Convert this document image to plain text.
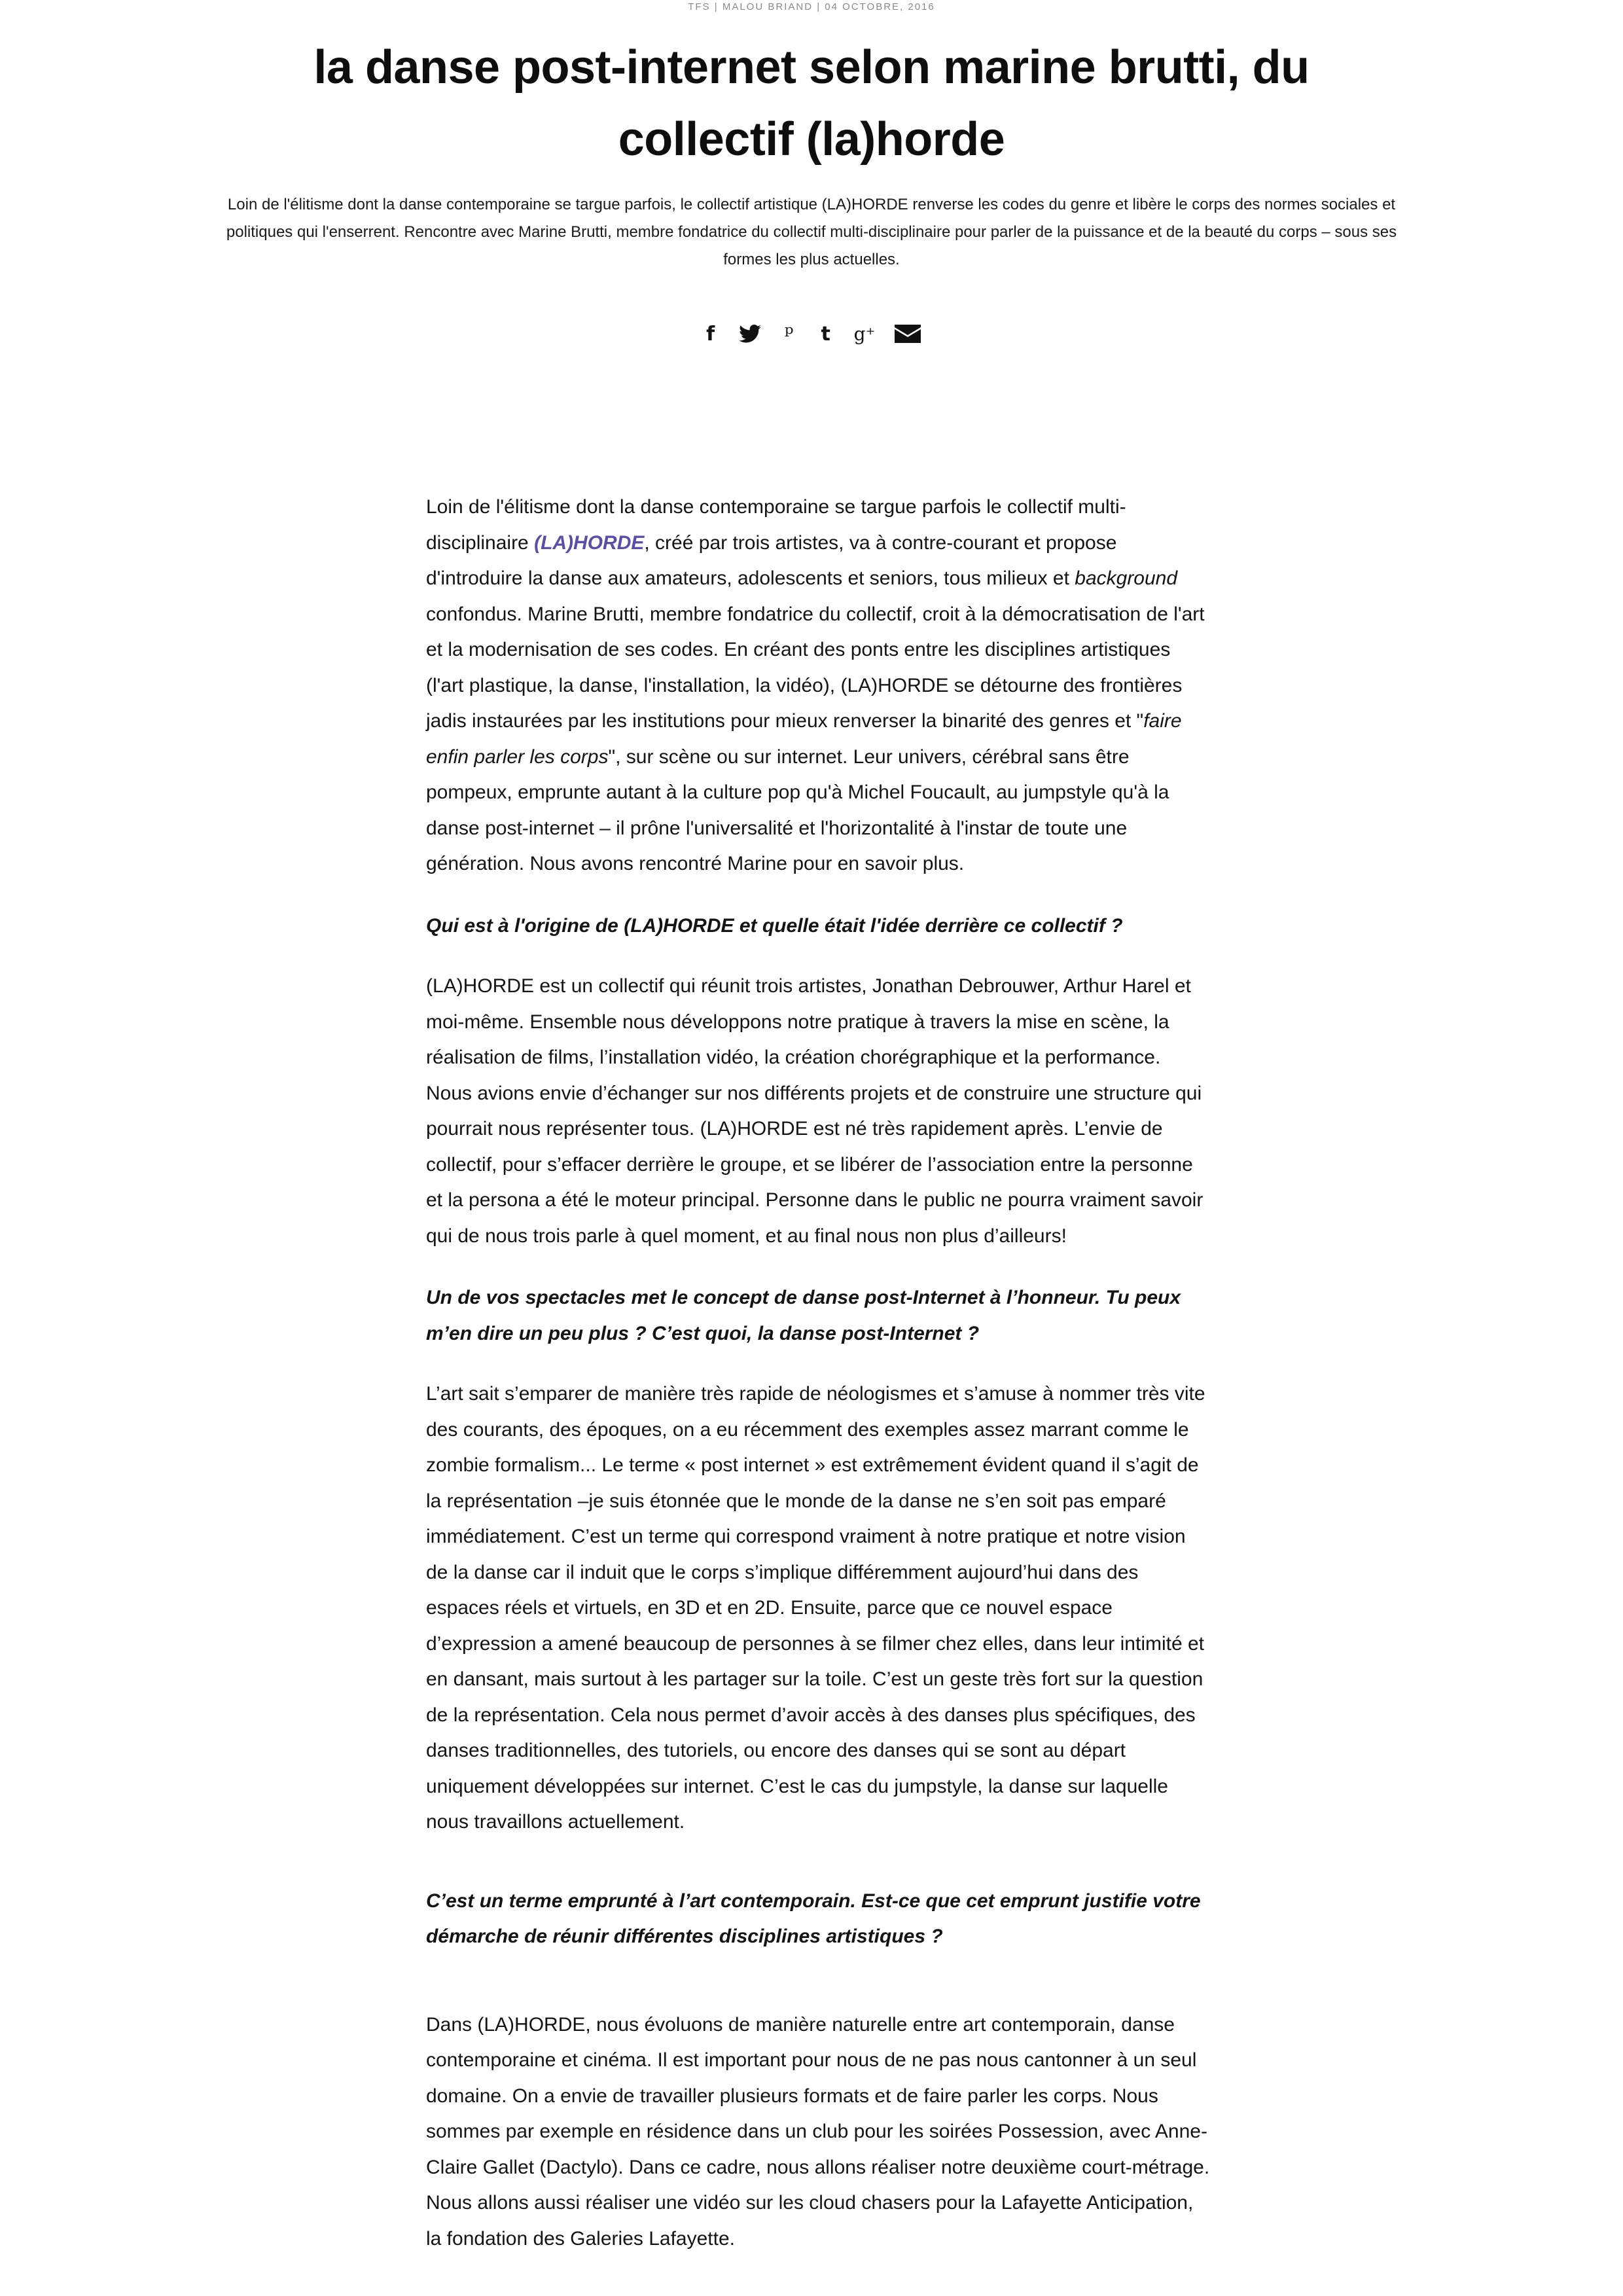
TFS | MALOU BRIAND | 04 OCTOBRE, 2016
la danse post-internet selon marine brutti, du collectif (la)horde

Loin de l'élitisme dont la danse contemporaine se targue parfois, le collectif artistique (LA)HORDE renverse les codes du genre et libère le corps des normes sociales et politiques qui l'enserrent. Rencontre avec Marine Brutti, membre fondatrice du collectif multi-disciplinaire pour parler de la puissance et de la beauté du corps – sous ses formes les plus actuelles.

f	ᵖ t g⁺

Loin de l'élitisme dont la danse contemporaine se targue parfois le collectif multi-disciplinaire (LA)HORDE, créé par trois artistes, va à contre-courant et propose d'introduire la danse aux amateurs, adolescents et seniors, tous milieux et background confondus. Marine Brutti, membre fondatrice du collectif, croit à la démocratisation de l'art et la modernisation de ses codes. En créant des ponts entre les disciplines artistiques (l'art plastique, la danse, l'installation, la vidéo), (LA)HORDE se détourne des frontières jadis instaurées par les institutions pour mieux renverser la binarité des genres et "faire enfin parler les corps", sur scène ou sur internet. Leur univers, cérébral sans être pompeux, emprunte autant à la culture pop qu'à Michel Foucault, au jumpstyle qu'à la danse post-internet – il prône l'universalité et l'horizontalité à l'instar de toute une génération. Nous avons rencontré Marine pour en savoir plus.

Qui est à l'origine de (LA)HORDE et quelle était l'idée derrière ce collectif ?

(LA)HORDE est un collectif qui réunit trois artistes, Jonathan Debrouwer, Arthur Harel et moi-même. Ensemble nous développons notre pratique à travers la mise en scène, la réalisation de films, l’installation vidéo, la création chorégraphique et la performance. Nous avions envie d’échanger sur nos différents projets et de construire une structure qui pourrait nous représenter tous. (LA)HORDE est né très rapidement après. L’envie de collectif, pour s’effacer derrière le groupe, et se libérer de l’association entre la personne et la persona a été le moteur principal. Personne dans le public ne pourra vraiment savoir qui de nous trois parle à quel moment, et au final nous non plus d’ailleurs!

Un de vos spectacles met le concept de danse post-Internet à l’honneur. Tu peux m’en dire un peu plus ? C’est quoi, la danse post-Internet ?

L’art sait s’emparer de manière très rapide de néologismes et s’amuse à nommer très vite des courants, des époques, on a eu récemment des exemples assez marrant comme le zombie formalism... Le terme « post internet » est extrêmement évident quand il s’agit de la représentation –je suis étonnée que le monde de la danse ne s’en soit pas emparé immédiatement. C’est un terme qui correspond vraiment à notre pratique et notre vision de la danse car il induit que le corps s’implique différemment aujourd’hui dans des espaces réels et virtuels, en 3D et en 2D. Ensuite, parce que ce nouvel espace d’expression a amené beaucoup de personnes à se filmer chez elles, dans leur intimité et en dansant, mais surtout à les partager sur la toile. C’est un geste très fort sur la question de la représentation. Cela nous permet d’avoir accès à des danses plus spécifiques, des danses traditionnelles, des tutoriels, ou encore des danses qui se sont au départ uniquement développées sur internet. C’est le cas du jumpstyle, la danse sur laquelle nous travaillons actuellement.

C’est un terme emprunté à l’art contemporain. Est-ce que cet emprunt justifie votre démarche de réunir différentes disciplines artistiques ?

Dans (LA)HORDE, nous évoluons de manière naturelle entre art contemporain, danse contemporaine et cinéma. Il est important pour nous de ne pas nous cantonner à un seul domaine. On a envie de travailler plusieurs formats et de faire parler les corps. Nous sommes par exemple en résidence dans un club pour les soirées Possession, avec Anne-Claire Gallet (Dactylo). Dans ce cadre, nous allons réaliser notre deuxième court-métrage. Nous allons aussi réaliser une vidéo sur les cloud chasers pour la Lafayette Anticipation, la fondation des Galeries Lafayette.
